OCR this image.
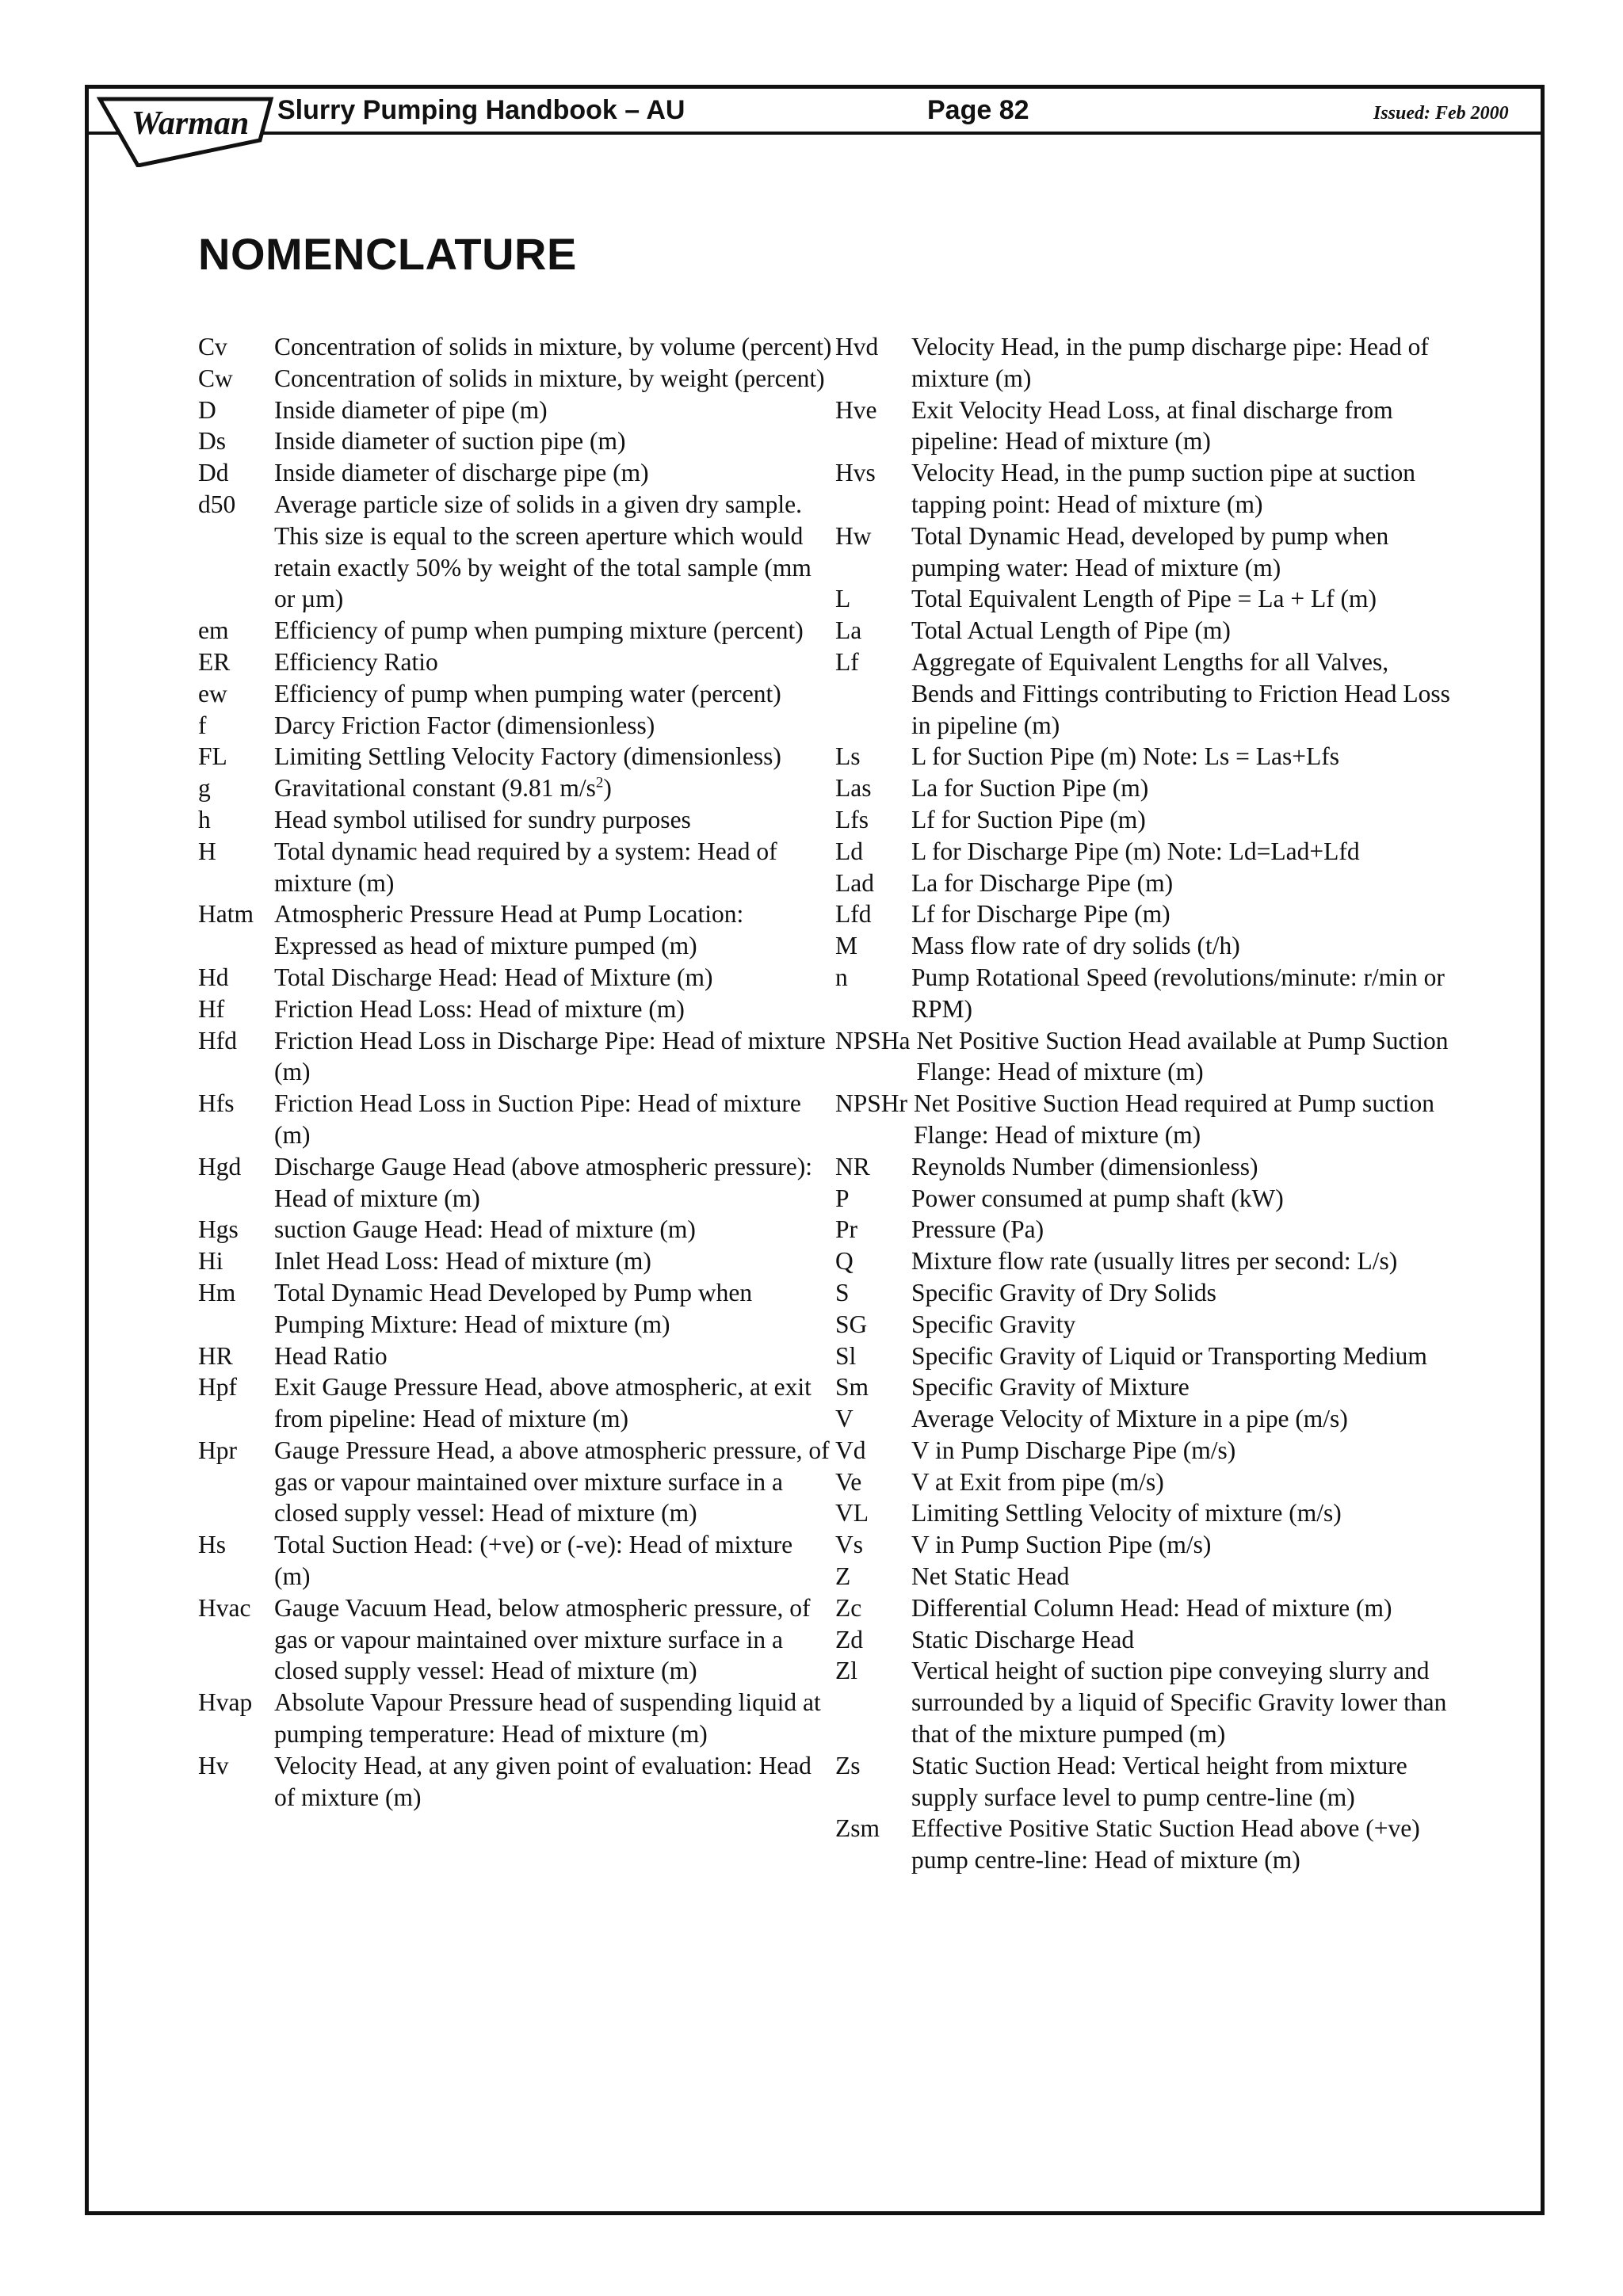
Warman Slurry Pumping Handbook – AU	Page 82	Issued: Feb 2000
NOMENCLATURE
Cv	Concentration of solids in mixture, by volume (percent)
Cw	Concentration of solids in mixture, by weight (percent)
D	Inside diameter of pipe (m)
Ds	Inside diameter of suction pipe (m)
Dd	Inside diameter of discharge pipe (m)
d50	Average particle size of solids in a given dry sample. This size is equal to the screen aperture which would retain exactly 50% by weight of the total sample (mm or µm)
em	Efficiency of pump when pumping mixture (percent)
ER	Efficiency Ratio
ew	Efficiency of pump when pumping water (percent)
f	Darcy Friction Factor (dimensionless)
FL	Limiting Settling Velocity Factory (dimensionless)
g	Gravitational constant (9.81 $m/s^2$)
h	Head symbol utilised for sundry purposes
H	Total dynamic head required by a system: Head of mixture (m)
Hatm Atmospheric Pressure Head at Pump Location: Expressed as head of mixture pumped (m)
Hd	Total Discharge Head: Head of Mixture (m)
Hf	Friction Head Loss: Head of mixture (m)
Hfd	Friction Head Loss in Discharge Pipe: Head of mixture (m)
Hfs	Friction Head Loss in Suction Pipe: Head of mixture (m)
Hgd	Discharge Gauge Head (above atmospheric pressure): Head of mixture (m)
Hgs	suction Gauge Head: Head of mixture (m)
Hi	Inlet Head Loss: Head of mixture (m)
Hm	Total Dynamic Head Developed by Pump when Pumping Mixture: Head of mixture (m)
HR	Head Ratio
Hpf	Exit Gauge Pressure Head, above atmospheric, at exit from pipeline: Head of mixture (m)
Hpr	Gauge Pressure Head, a above atmospheric pressure, of gas or vapour maintained over mixture surface in a closed supply vessel: Head of mixture (m)
Hs	Total Suction Head: (+ve) or (-ve): Head of mixture (m)
Hvac Gauge Vacuum Head, below atmospheric pressure, of gas or vapour maintained over mixture surface in a closed supply vessel: Head of mixture (m)
Hvap Absolute Vapour Pressure head of suspending liquid at pumping temperature: Head of mixture (m)
Hv	Velocity Head, at any given point of evaluation: Head of mixture (m)
Hvd	Velocity Head, in the pump discharge pipe: Head of mixture (m)
Hve	Exit Velocity Head Loss, at final discharge from pipeline: Head of mixture (m)
Hvs	Velocity Head, in the pump suction pipe at suction tapping point: Head of mixture (m)
Hw	Total Dynamic Head, developed by pump when pumping water: Head of mixture (m)
L	Total Equivalent Length of Pipe = La + Lf (m)
La	Total Actual Length of Pipe (m)
Lf	Aggregate of Equivalent Lengths for all Valves, Bends and Fittings contributing to Friction Head Loss in pipeline (m)
Ls	L for Suction Pipe (m) Note: Ls = Las+Lfs
Las	La for Suction Pipe (m)
Lfs	Lf for Suction Pipe (m)
Ld	L for Discharge Pipe (m) Note: Ld=Lad+Lfd
Lad	La for Discharge Pipe (m)
Lfd	Lf for Discharge Pipe (m)
M	Mass flow rate of dry solids (t/h)
n	Pump Rotational Speed (revolutions/minute: r/min or RPM)
NPSHa Net Positive Suction Head available at Pump Suction Flange: Head of mixture (m)
NPSHr Net Positive Suction Head required at Pump suction Flange: Head of mixture (m)
NR	Reynolds Number (dimensionless)
P	Power consumed at pump shaft (kW)
Pr	Pressure (Pa)
Q	Mixture flow rate (usually litres per second: L/s)
S	Specific Gravity of Dry Solids
SG	Specific Gravity
Sl	Specific Gravity of Liquid or Transporting Medium
Sm	Specific Gravity of Mixture
V	Average Velocity of Mixture in a pipe (m/s)
Vd	V in Pump Discharge Pipe (m/s)
Ve	V at Exit from pipe (m/s)
VL	Limiting Settling Velocity of mixture (m/s)
Vs	V in Pump Suction Pipe (m/s)
Z	Net Static Head
Zc	Differential Column Head: Head of mixture (m)
Zd	Static Discharge Head
Zl	Vertical height of suction pipe conveying slurry and surrounded by a liquid of Specific Gravity lower than that of the mixture pumped (m)
Zs	Static Suction Head: Vertical height from mixture supply surface level to pump centre-line (m)
Zsm	Effective Positive Static Suction Head above (+ve) pump centre-line: Head of mixture (m)
